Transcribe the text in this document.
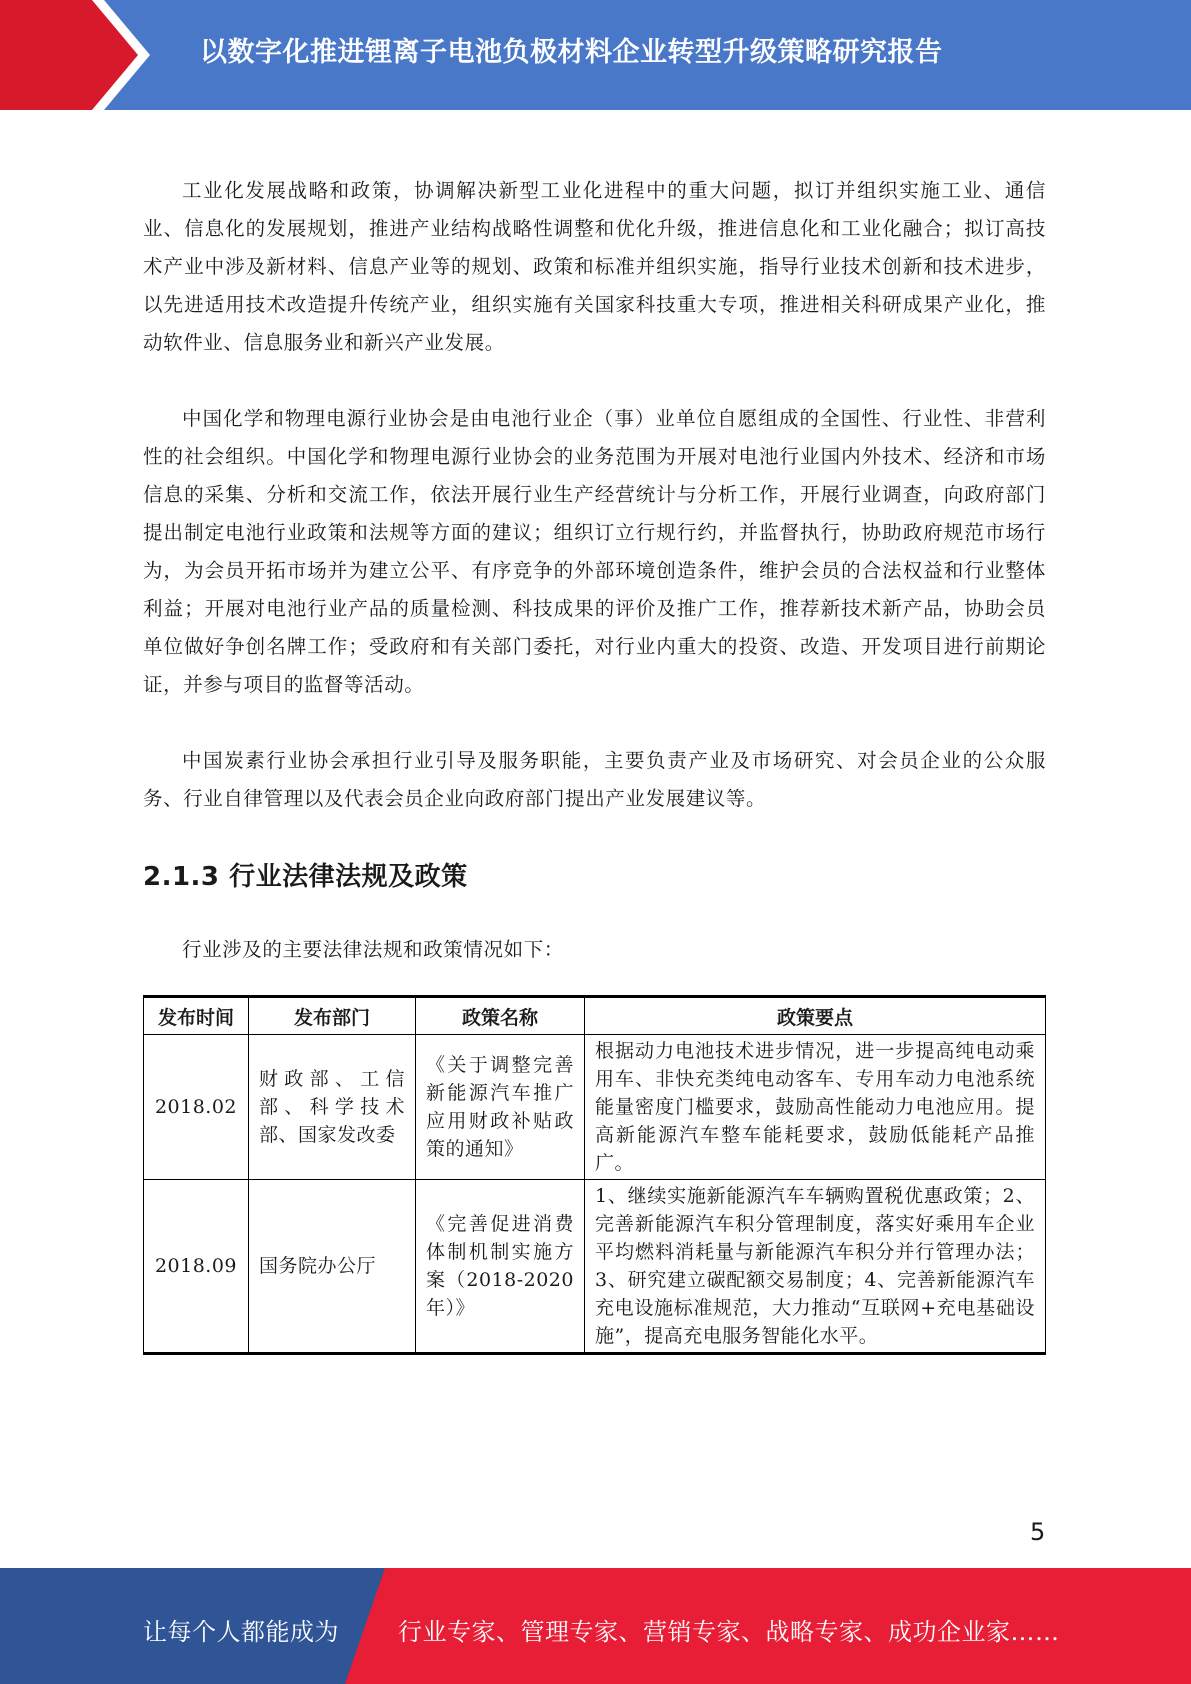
以数字化推进锂离子电池负极材料企业转型升级策略研究报告

工业化发展战略和政策，协调解决新型工业化进程中的重大问题，拟订并组织实施工业、通信业、信息化的发展规划，推进产业结构战略性调整和优化升级，推进信息化和工业化融合；拟订高技术产业中涉及新材料、信息产业等的规划、政策和标准并组织实施，指导行业技术创新和技术进步，以先进适用技术改造提升传统产业，组织实施有关国家科技重大专项，推进相关科研成果产业化，推动软件业、信息服务业和新兴产业发展。

中国化学和物理电源行业协会是由电池行业企（事）业单位自愿组成的全国性、行业性、非营利性的社会组织。中国化学和物理电源行业协会的业务范围为开展对电池行业国内外技术、经济和市场信息的采集、分析和交流工作，依法开展行业生产经营统计与分析工作，开展行业调查，向政府部门提出制定电池行业政策和法规等方面的建议；组织订立行规行约，并监督执行，协助政府规范市场行为，为会员开拓市场并为建立公平、有序竞争的外部环境创造条件，维护会员的合法权益和行业整体利益；开展对电池行业产品的质量检测、科技成果的评价及推广工作，推荐新技术新产品，协助会员单位做好争创名牌工作；受政府和有关部门委托，对行业内重大的投资、改造、开发项目进行前期论证，并参与项目的监督等活动。

中国炭素行业协会承担行业引导及服务职能，主要负责产业及市场研究、对会员企业的公众服务、行业自律管理以及代表会员企业向政府部门提出产业发展建议等。

2.1.3 行业法律法规及政策

行业涉及的主要法律法规和政策情况如下：

发布时间	发布部门	政策名称	政策要点
2018.02	财政部、工信部、科学技术部、国家发改委	《关于调整完善新能源汽车推广应用财政补贴政策的通知》	根据动力电池技术进步情况，进一步提高纯电动乘用车、非快充类纯电动客车、专用车动力电池系统能量密度门槛要求，鼓励高性能动力电池应用。提高新能源汽车整车能耗要求，鼓励低能耗产品推广。
2018.09	国务院办公厅	《完善促进消费体制机制实施方案（2018-2020年）》	1、继续实施新能源汽车车辆购置税优惠政策；2、完善新能源汽车积分管理制度，落实好乘用车企业平均燃料消耗量与新能源汽车积分并行管理办法；3、研究建立碳配额交易制度；4、完善新能源汽车充电设施标准规范，大力推动“互联网+充电基础设施”，提高充电服务智能化水平。
5
让每个人都能成为 行业专家、管理专家、营销专家、战略专家、成功企业家……
